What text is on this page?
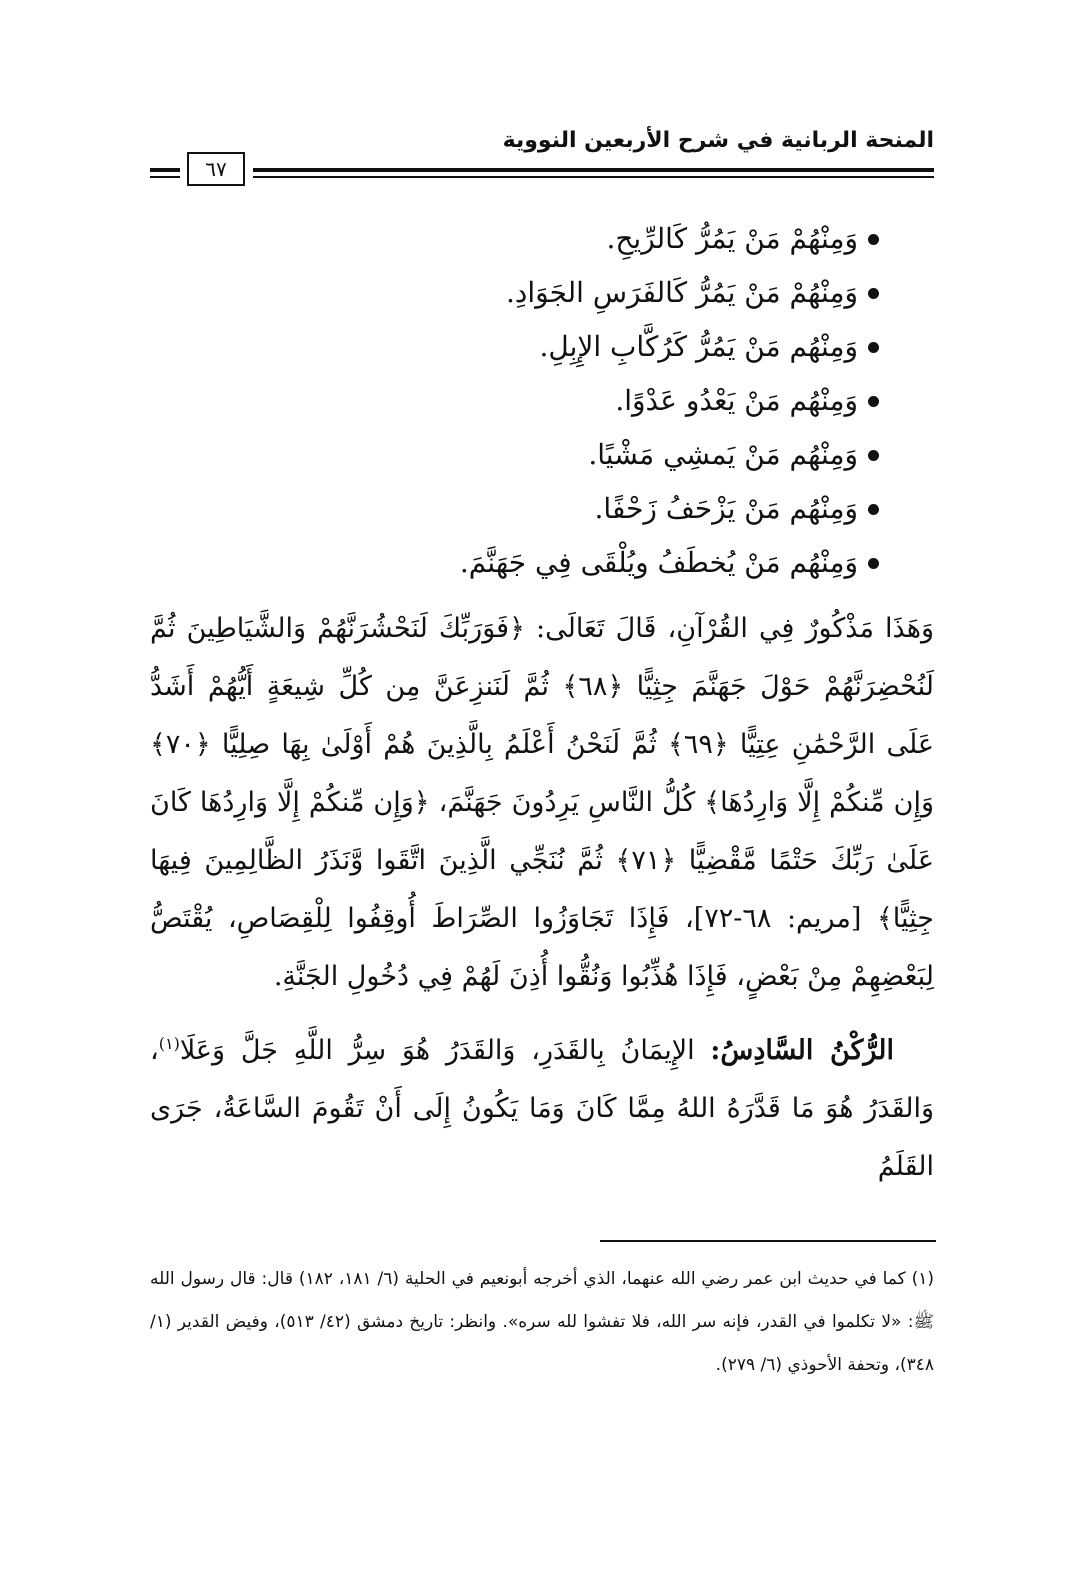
المنحة الربانية في شرح الأربعين النووية
٦٧
وَمِنْهُمْ مَنْ يَمُرُّ كَالرِّيحِ.
وَمِنْهُمْ مَنْ يَمُرُّ كَالفَرَسِ الجَوَادِ.
وَمِنْهُم مَنْ يَمُرُّ كَرُكَّابِ الإِبِلِ.
وَمِنْهُم مَنْ يَعْدُو عَدْوًا.
وَمِنْهُم مَنْ يَمشِي مَشْيًا.
وَمِنْهُم مَنْ يَزْحَفُ زَحْفًا.
وَمِنْهُم مَنْ يُخطَفُ ويُلْقَى فِي جَهَنَّمَ.

وَهَذَا مَذْكُورٌ فِي القُرْآنِ، قَالَ تَعَالَى: ﴿فَوَرَبِّكَ لَنَحْشُرَنَّهُمْ وَالشَّيَاطِينَ ثُمَّ لَنُحْضِرَنَّهُمْ حَوْلَ جَهَنَّمَ جِثِيًّا ﴿٦٨﴾ ثُمَّ لَنَنزِعَنَّ مِن كُلِّ شِيعَةٍ أَيُّهُمْ أَشَدُّ عَلَى الرَّحْمَٰنِ عِتِيًّا ﴿٦٩﴾ ثُمَّ لَنَحْنُ أَعْلَمُ بِالَّذِينَ هُمْ أَوْلَىٰ بِهَا صِلِيًّا ﴿٧٠﴾ وَإِن مِّنكُمْ إِلَّا وَارِدُهَا﴾ كُلُّ النَّاسِ يَرِدُونَ جَهَنَّمَ، ﴿وَإِن مِّنكُمْ إِلَّا وَارِدُهَا كَانَ عَلَىٰ رَبِّكَ حَتْمًا مَّقْضِيًّا ﴿٧١﴾ ثُمَّ نُنَجِّي الَّذِينَ اتَّقَوا وَّنَذَرُ الظَّالِمِينَ فِيهَا جِثِيًّا﴾ [مريم: ٦٨-٧٢]، فَإِذَا تَجَاوَزُوا الصِّرَاطَ أُوقِفُوا لِلْقِصَاصِ، يُقْتَصُّ لِبَعْضِهِمْ مِنْ بَعْضٍ، فَإِذَا هُذِّبُوا وَنُقُّوا أُذِنَ لَهُمْ فِي دُخُولِ الجَنَّةِ.

الرُّكْنُ السَّادِسُ: الإِيمَانُ بِالقَدَرِ، وَالقَدَرُ هُوَ سِرُّ اللَّهِ جَلَّ وَعَلَا$^{(١)}$، وَالقَدَرُ هُوَ مَا قَدَّرَهُ اللهُ مِمَّا كَانَ وَمَا يَكُونُ إِلَى أَنْ تَقُومَ السَّاعَةُ، جَرَى القَلَمُ

(١) كما في حديث ابن عمر رضي الله عنهما، الذي أخرجه أبونعيم في الحلية (٦/ ١٨١، ١٨٢) قال: قال رسول الله ﷺ: «لا تكلموا في القدر، فإنه سر الله، فلا تفشوا لله سره». وانظر: تاريخ دمشق (٤٢/ ٥١٣)، وفيض القدير (١/ ٣٤٨)، وتحفة الأحوذي (٦/ ٢٧٩).
